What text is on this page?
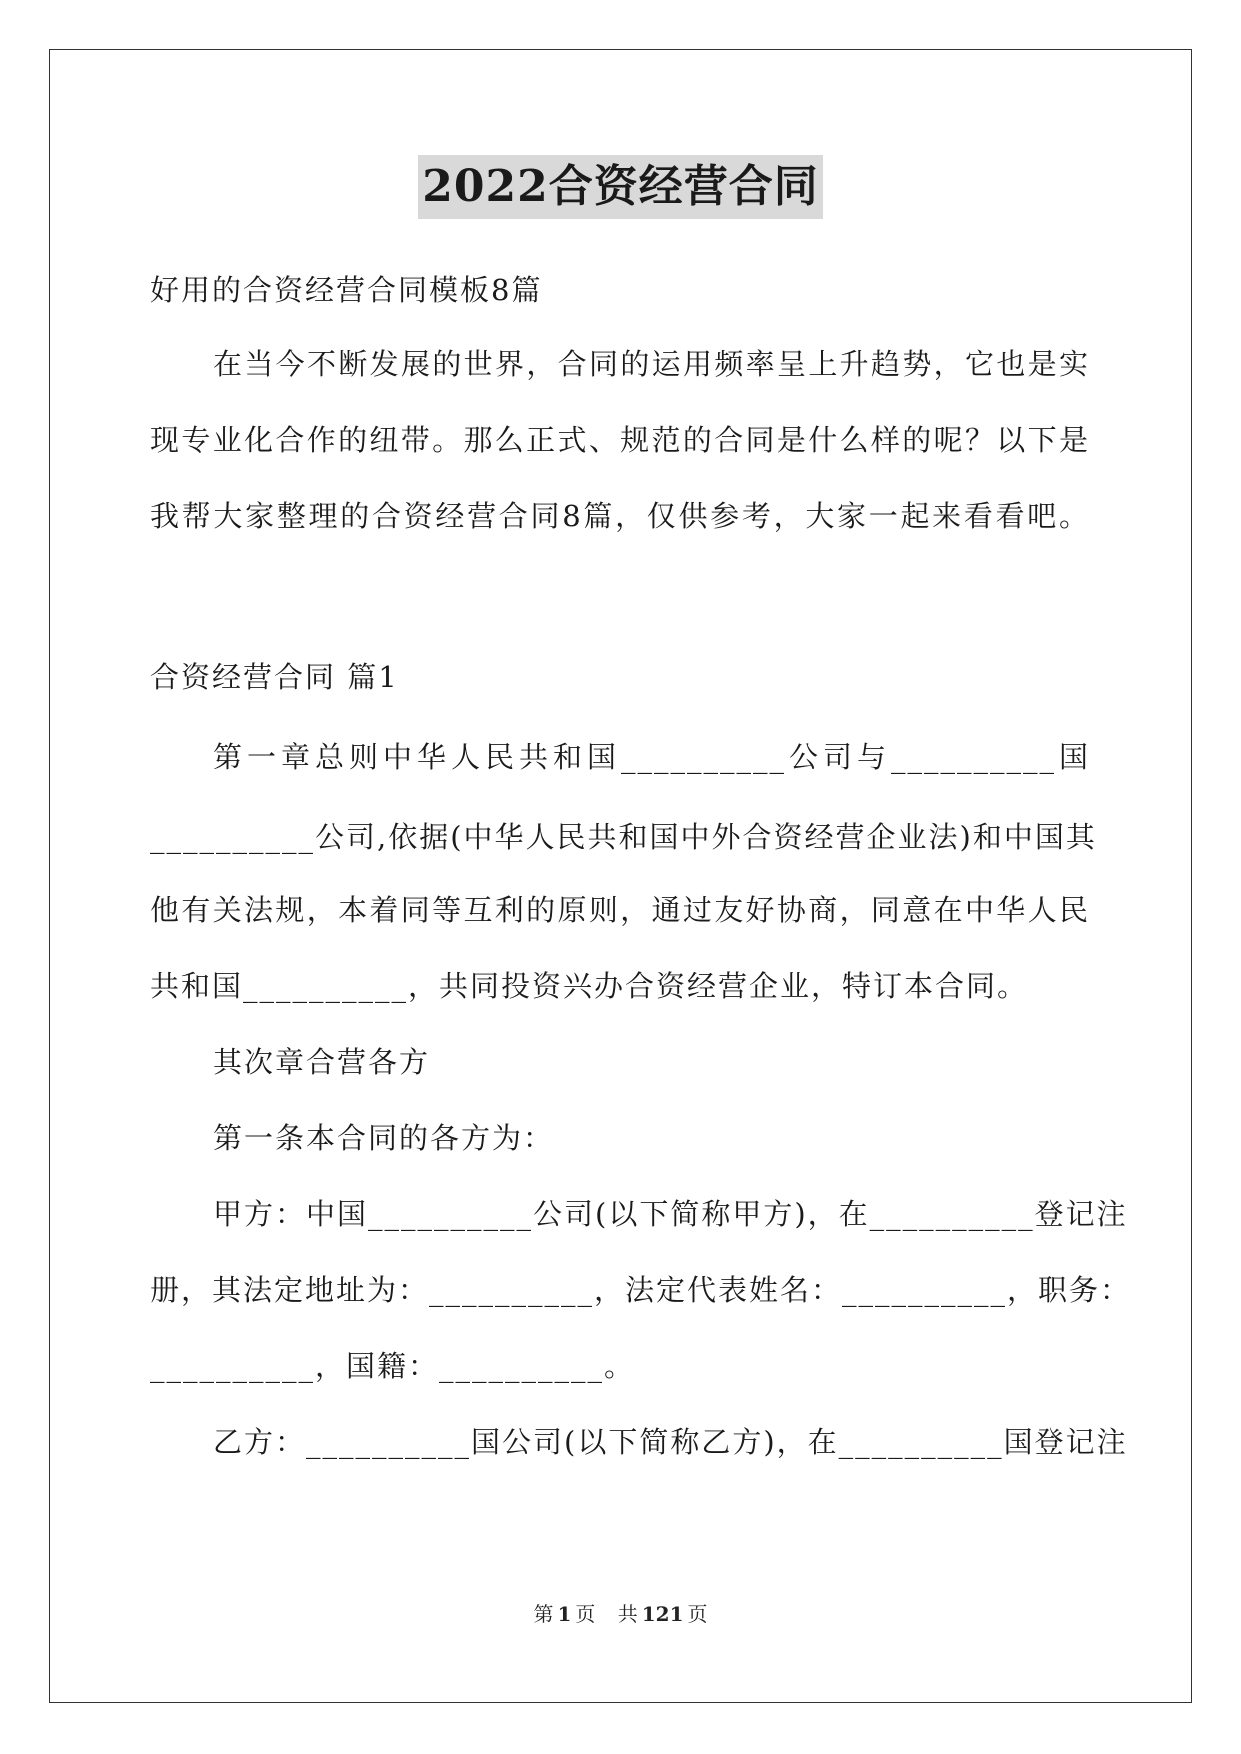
2022合资经营合同
好用的合资经营合同模板8篇
在当今不断发展的世界，合同的运用频率呈上升趋势，它也是实
现专业化合作的纽带。那么正式、规范的合同是什么样的呢？以下是
我帮大家整理的合资经营合同8篇，仅供参考，大家一起来看看吧。
合资经营合同 篇1
第一章总则中华人民共和国__________公司与__________国
__________公司,依据(中华人民共和国中外合资经营企业法)和中国其
他有关法规，本着同等互利的原则，通过友好协商，同意在中华人民
共和国__________，共同投资兴办合资经营企业，特订本合同。
其次章合营各方
第一条本合同的各方为：
甲方：中国__________公司(以下简称甲方)，在__________登记注
册，其法定地址为：__________，法定代表姓名：__________，职务：
__________，国籍：__________。
乙方：__________国公司(以下简称乙方)，在__________国登记注
第 1 页 共 121 页
